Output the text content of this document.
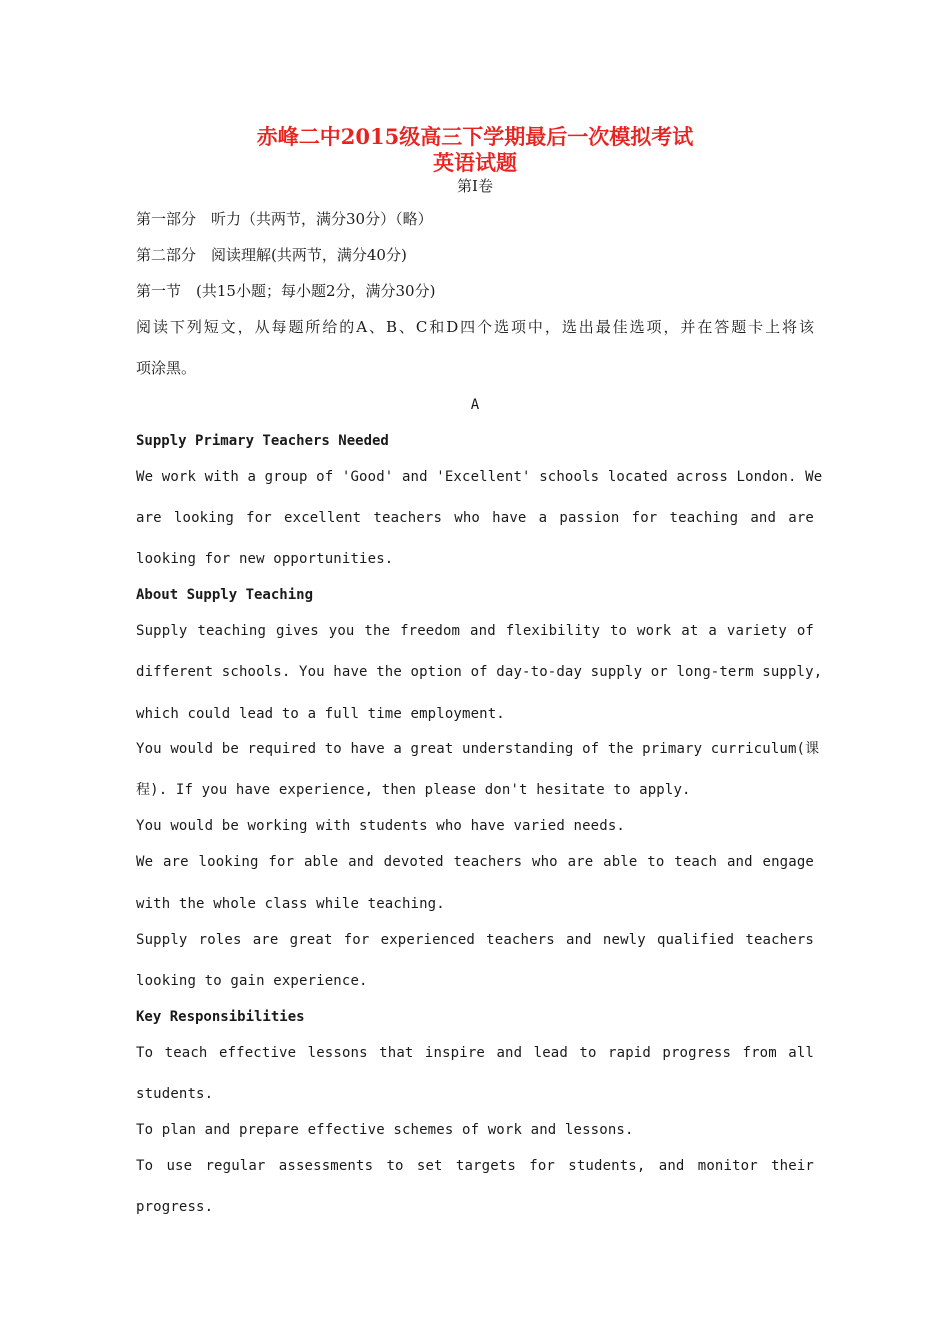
赤峰二中2015级高三下学期最后一次模拟考试
英语试题
第Ⅰ卷
第一部分　听力（共两节，满分30分）（略）
第二部分　阅读理解(共两节，满分40分)
第一节　(共15小题；每小题2分，满分30分)
阅读下列短文，从每题所给的A、B、C和D四个选项中，选出最佳选项，并在答题卡上将该
项涂黑。
A
Supply Primary Teachers Needed
We work with a group of 'Good' and 'Excellent' schools located across London. We
are looking for excellent teachers who have a passion for teaching and are
looking for new opportunities.
About Supply Teaching
Supply teaching gives you the freedom and flexibility to work at a variety of
different schools. You have the option of day-to-day supply or long-term supply,
which could lead to a full time employment.
You would be required to have a great understanding of the primary curriculum(课
程). If you have experience, then please don't hesitate to apply.
You would be working with students who have varied needs.
We are looking for able and devoted teachers who are able to teach and engage
with the whole class while teaching.
Supply roles are great for experienced teachers and newly qualified teachers
looking to gain experience.
Key Responsibilities
To teach effective lessons that inspire and lead to rapid progress from all
students.
To plan and prepare effective schemes of work and lessons.
To use regular assessments to set targets for students, and monitor their
progress.
